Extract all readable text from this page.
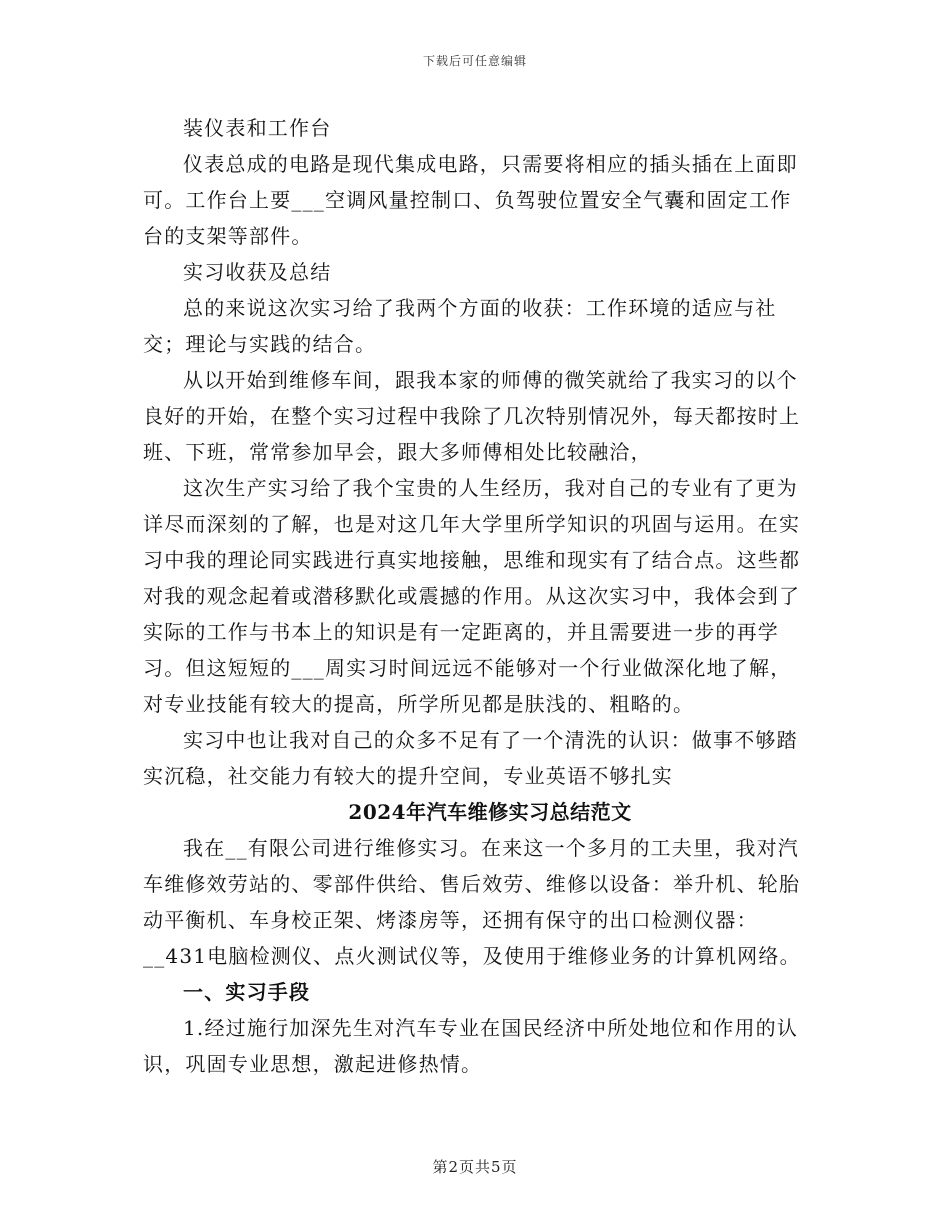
下载后可任意编辑

装仪表和工作台

仪表总成的电路是现代集成电路，只需要将相应的插头插在上面即可。工作台上要___空调风量控制口、负驾驶位置安全气囊和固定工作台的支架等部件。

实习收获及总结

总的来说这次实习给了我两个方面的收获：工作环境的适应与社交；理论与实践的结合。

从以开始到维修车间，跟我本家的师傅的微笑就给了我实习的以个良好的开始，在整个实习过程中我除了几次特别情况外，每天都按时上班、下班，常常参加早会，跟大多师傅相处比较融洽，

这次生产实习给了我个宝贵的人生经历，我对自己的专业有了更为详尽而深刻的了解，也是对这几年大学里所学知识的巩固与运用。在实习中我的理论同实践进行真实地接触，思维和现实有了结合点。这些都对我的观念起着或潜移默化或震撼的作用。从这次实习中，我体会到了实际的工作与书本上的知识是有一定距离的，并且需要进一步的再学习。但这短短的___周实习时间远远不能够对一个行业做深化地了解，对专业技能有较大的提高，所学所见都是肤浅的、粗略的。

实习中也让我对自己的众多不足有了一个清洗的认识：做事不够踏实沉稳，社交能力有较大的提升空间，专业英语不够扎实

2024年汽车维修实习总结范文

我在__有限公司进行维修实习。在来这一个多月的工夫里，我对汽车维修效劳站的、零部件供给、售后效劳、维修以设备：举升机、轮胎动平衡机、车身校正架、烤漆房等，还拥有保守的出口检测仪器：__431电脑检测仪、点火测试仪等，及使用于维修业务的计算机网络。

一、实习手段

1.经过施行加深先生对汽车专业在国民经济中所处地位和作用的认识，巩固专业思想，激起进修热情。

第2页共5页
